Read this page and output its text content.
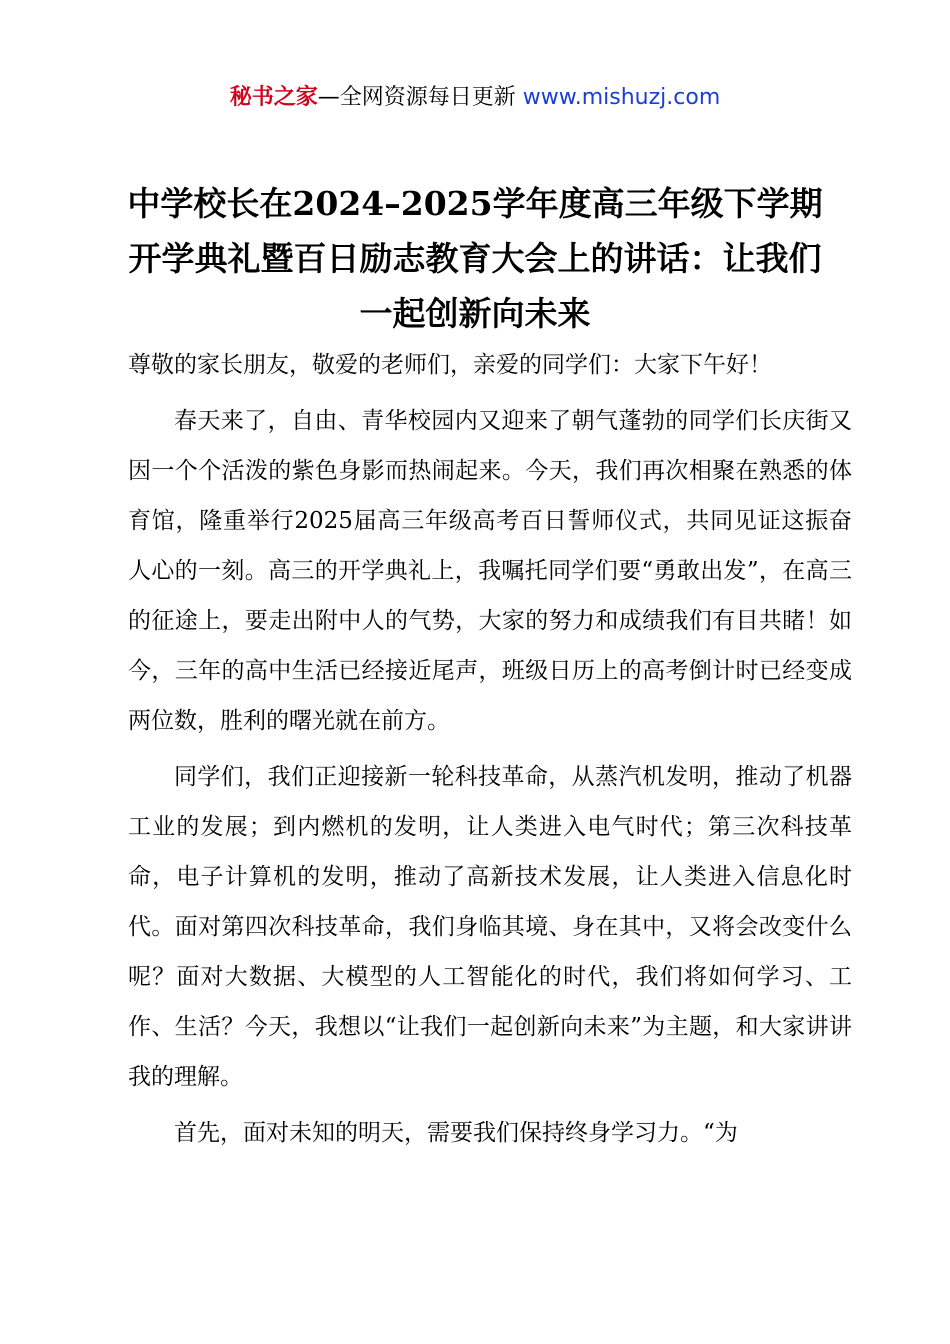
秘书之家—全网资源每日更新 www.mishuzj.com
中学校长在2024–2025学年度高三年级下学期开学典礼暨百日励志教育大会上的讲话：让我们一起创新向未来

尊敬的家长朋友，敬爱的老师们，亲爱的同学们：大家下午好！

春天来了，自由、青华校园内又迎来了朝气蓬勃的同学们长庆街又因一个个活泼的紫色身影而热闹起来。今天，我们再次相聚在熟悉的体育馆，隆重举行2025届高三年级高考百日誓师仪式，共同见证这振奋人心的一刻。高三的开学典礼上，我嘱托同学们要“勇敢出发”，在高三的征途上，要走出附中人的气势，大家的努力和成绩我们有目共睹！如今，三年的高中生活已经接近尾声，班级日历上的高考倒计时已经变成两位数，胜利的曙光就在前方。

同学们，我们正迎接新一轮科技革命，从蒸汽机发明，推动了机器工业的发展；到内燃机的发明，让人类进入电气时代；第三次科技革命，电子计算机的发明，推动了高新技术发展，让人类进入信息化时代。面对第四次科技革命，我们身临其境、身在其中，又将会改变什么呢？面对大数据、大模型的人工智能化的时代，我们将如何学习、工作、生活？今天，我想以“让我们一起创新向未来”为主题，和大家讲讲我的理解。

首先，面对未知的明天，需要我们保持终身学习力。“为
